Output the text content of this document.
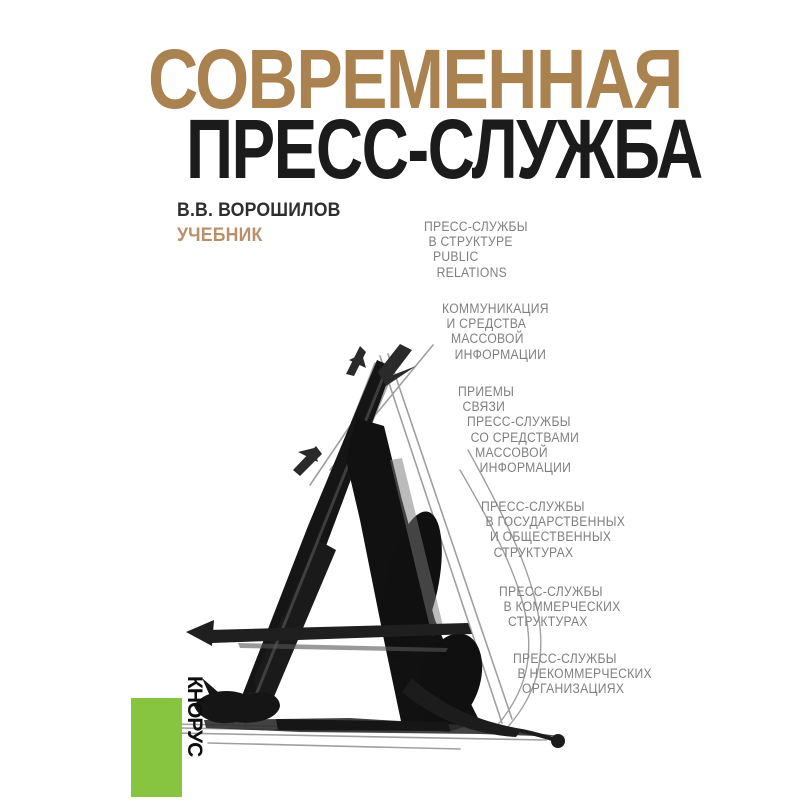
СОВРЕМЕННАЯ
ПРЕСС-СЛУЖБА
В.В. ВОРОШИЛОВ
УЧЕБНИК	ПРЕСС-СЛУЖБЫ
В СТРУКТУРЕ
PUBLIC
RELATIONS
КОММУНИКАЦИЯ
И СРЕДСТВА
МАССОВОЙ
ИНФОРМАЦИИ
ПРИЕМЫ
СВЯЗИ
ПРЕСС-СЛУЖБЫ
СО СРЕДСТВАМИ
МАССОВОЙ
ИНФОРМАЦИИ
ПРЕСС-СЛУЖБЫ
В ГОСУДАРСТВЕННЫХ
И ОБЩЕСТВЕННЫХ
СТРУКТУРАХ
ПРЕСС-СЛУЖБЫ
В КОММЕРЧЕСКИХ
СТРУКТУРАХ
ПРЕСС-СЛУЖБЫ
В НЕКОММЕРЧЕСКИХ
ОРГАНИЗАЦИЯХ
КНОРУС
